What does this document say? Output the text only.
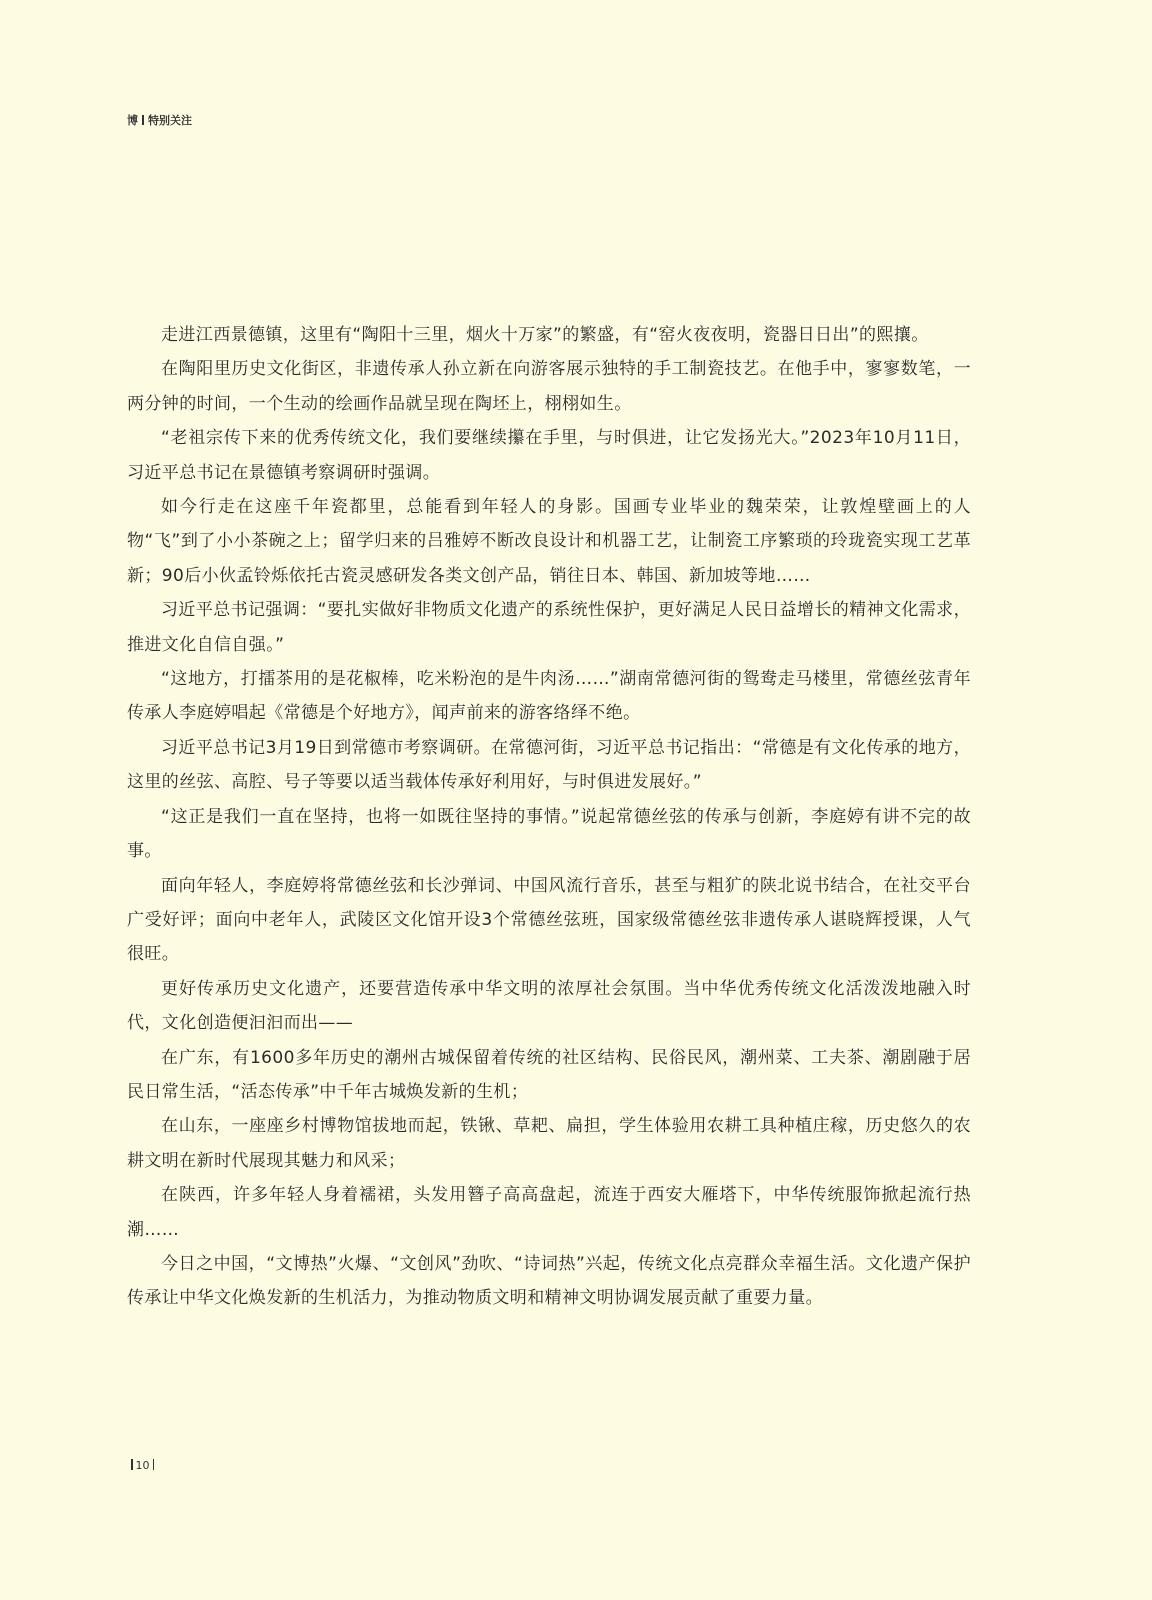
博 特别关注

走进江西景德镇，这里有“陶阳十三里，烟火十万家”的繁盛，有“窑火夜夜明，瓷器日日出”的熙攘。

在陶阳里历史文化街区，非遗传承人孙立新在向游客展示独特的手工制瓷技艺。在他手中，寥寥数笔，一两分钟的时间，一个生动的绘画作品就呈现在陶坯上，栩栩如生。

“老祖宗传下来的优秀传统文化，我们要继续攥在手里，与时俱进，让它发扬光大。”2023年10月11日，习近平总书记在景德镇考察调研时强调。

如今行走在这座千年瓷都里，总能看到年轻人的身影。国画专业毕业的魏荣荣，让敦煌壁画上的人物“飞”到了小小茶碗之上；留学归来的吕雅婷不断改良设计和机器工艺，让制瓷工序繁琐的玲珑瓷实现工艺革新；90后小伙孟铃烁依托古瓷灵感研发各类文创产品，销往日本、韩国、新加坡等地……

习近平总书记强调：“要扎实做好非物质文化遗产的系统性保护，更好满足人民日益增长的精神文化需求，推进文化自信自强。”

“这地方，打擂茶用的是花椒棒，吃米粉泡的是牛肉汤……”湖南常德河街的鸳鸯走马楼里，常德丝弦青年传承人李庭婷唱起《常德是个好地方》，闻声前来的游客络绎不绝。

习近平总书记3月19日到常德市考察调研。在常德河街，习近平总书记指出：“常德是有文化传承的地方，这里的丝弦、高腔、号子等要以适当载体传承好利用好，与时俱进发展好。”

“这正是我们一直在坚持，也将一如既往坚持的事情。”说起常德丝弦的传承与创新，李庭婷有讲不完的故事。

面向年轻人，李庭婷将常德丝弦和长沙弹词、中国风流行音乐，甚至与粗犷的陕北说书结合，在社交平台广受好评；面向中老年人，武陵区文化馆开设3个常德丝弦班，国家级常德丝弦非遗传承人谌晓辉授课，人气很旺。

更好传承历史文化遗产，还要营造传承中华文明的浓厚社会氛围。当中华优秀传统文化活泼泼地融入时代，文化创造便汩汩而出——

在广东，有1600多年历史的潮州古城保留着传统的社区结构、民俗民风，潮州菜、工夫茶、潮剧融于居民日常生活，“活态传承”中千年古城焕发新的生机；

在山东，一座座乡村博物馆拔地而起，铁锹、草耙、扁担，学生体验用农耕工具种植庄稼，历史悠久的农耕文明在新时代展现其魅力和风采；

在陕西，许多年轻人身着襦裙，头发用簪子高高盘起，流连于西安大雁塔下，中华传统服饰掀起流行热潮……

今日之中国，“文博热”火爆、“文创风”劲吹、“诗词热”兴起，传统文化点亮群众幸福生活。文化遗产保护传承让中华文化焕发新的生机活力，为推动物质文明和精神文明协调发展贡献了重要力量。

10
